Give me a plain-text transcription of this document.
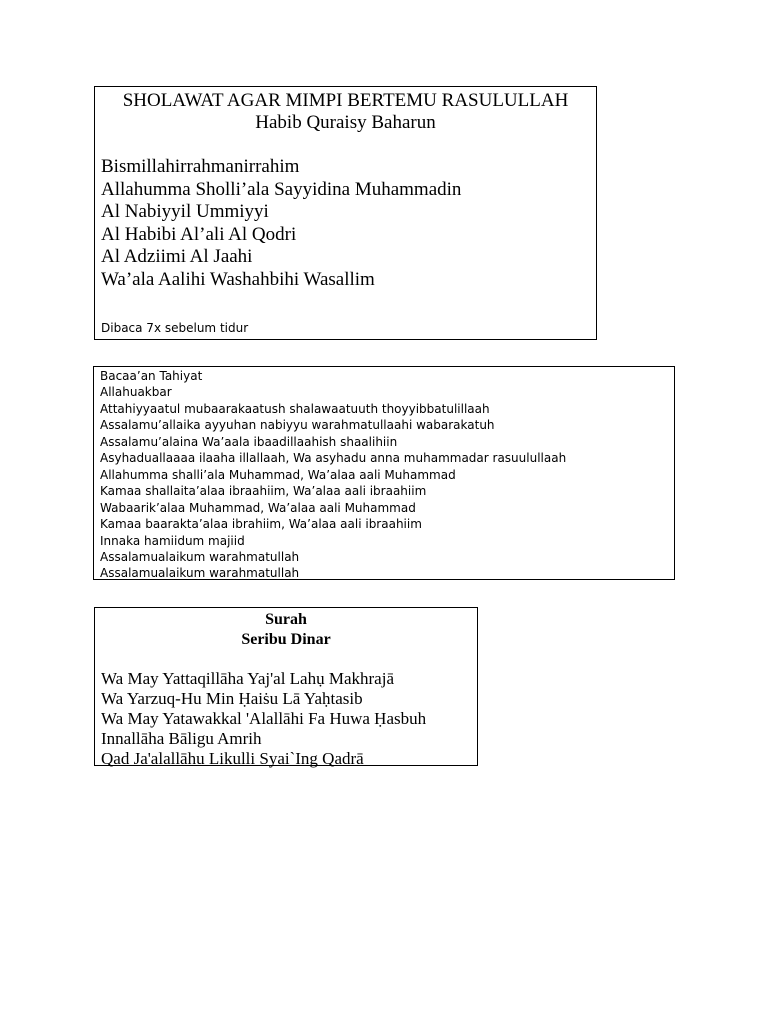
SHOLAWAT AGAR MIMPI BERTEMU RASULULLAH
Habib Quraisy Baharun
Bismillahirrahmanirrahim
Allahumma Sholli’ala Sayyidina Muhammadin
Al Nabiyyil Ummiyyi
Al Habibi Al’ali Al Qodri
Al Adziimi Al Jaahi
Wa’ala Aalihi Washahbihi Wasallim
Dibaca 7x sebelum tidur
Bacaa’an Tahiyat
Allahuakbar
Attahiyyaatul mubaarakaatush shalawaatuuth thoyyibbatulillaah
Assalamu’allaika ayyuhan nabiyyu warahmatullaahi wabarakatuh
Assalamu’alaina Wa’aala ibaadillaahish shaalihiin
Asyhaduallaaaa ilaaha illallaah, Wa asyhadu anna muhammadar rasuulullaah
Allahumma shalli’ala Muhammad, Wa’alaa aali Muhammad
Kamaa shallaita’alaa ibraahiim, Wa’alaa aali ibraahiim
Wabaarik’alaa Muhammad, Wa’alaa aali Muhammad
Kamaa baarakta’alaa ibrahiim, Wa’alaa aali ibraahiim
Innaka hamiidum majiid
Assalamualaikum warahmatullah
Assalamualaikum warahmatullah
Surah
Seribu Dinar
Wa May Yattaqillāha Yaj'al Lahụ Makhrajā
Wa Yarzuq-Hu Min Ḥaiṡu Lā Yaḥtasib
Wa May Yatawakkal 'Alallāhi Fa Huwa Ḥasbuh
Innallāha Bāligu Amrih
Qad Ja'alallāhu Likulli Syai`Ing Qadrā
